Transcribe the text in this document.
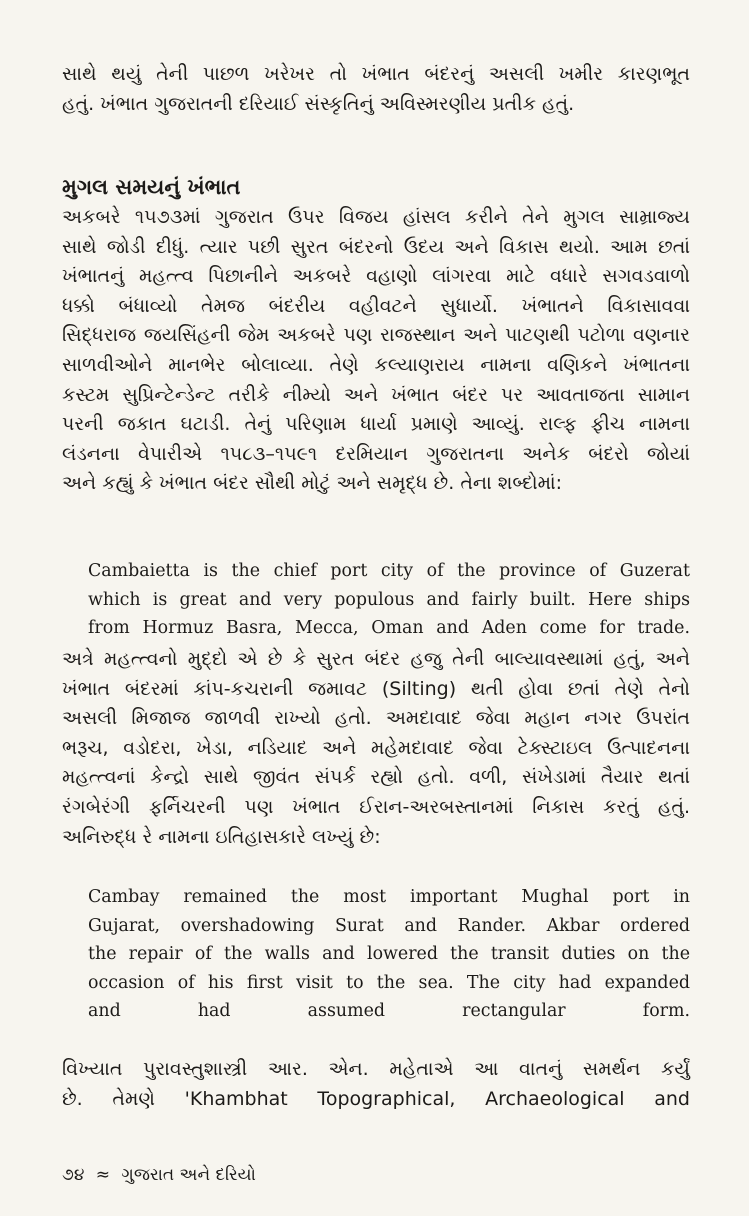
સાથે થયું તેની પાછળ ખરેખર તો ખંભાત બંદરનું અસલી ખમીર કારણભૂત
હતું. ખંભાત ગુજરાતની દરિયાઈ સંસ્કૃતિનું અવિસ્મરણીય પ્રતીક હતું.
મુગલ સમયનું ખંભાત
અકબરે ૧૫૭૩માં ગુજરાત ઉપર વિજય હાંસલ કરીને તેને મુગલ સામ્રાજ્ય
સાથે જોડી દીધું. ત્યાર પછી સુરત બંદરનો ઉદય અને વિકાસ થયો. આમ છતાં
ખંભાતનું મહત્ત્વ પિછાનીને અકબરે વહાણો લાંગરવા માટે વધારે સગવડવાળો
ધક્કો બંધાવ્યો તેમજ બંદરીય વહીવટને સુધાર્યો. ખંભાતને વિકાસાવવા
સિદ્ધરાજ જયસિંહની જેમ અકબરે પણ રાજસ્થાન અને પાટણથી પટોળા વણનાર
સાળવીઓને માનભેર બોલાવ્યા. તેણે કલ્યાણરાય નામના વણિકને ખંભાતના
કસ્ટમ સુપ્રિન્ટેન્ડેન્ટ તરીકે નીમ્યો અને ખંભાત બંદર પર આવતાજતા સામાન
પરની જકાત ઘટાડી. તેનું પરિણામ ધાર્યા પ્રમાણે આવ્યું. રાલ્ફ ફીચ નામના
લંડનના વેપારીએ ૧૫૮૩–૧૫૯૧ દરમિયાન ગુજરાતના અનેક બંદરો જોયાં
અને કહ્યું કે ખંભાત બંદર સૌથી મોટું અને સમૃદ્ધ છે. તેના શબ્દોમાં:
Cambaietta is the chief port city of the province of Guzerat
which is great and very populous and fairly built. Here ships
from Hormuz Basra, Mecca, Oman and Aden come for trade.
અત્રે મહત્ત્વનો મુદ્દો એ છે કે સુરત બંદર હજુ તેની બાલ્યાવસ્થામાં હતું, અને
ખંભાત બંદરમાં કાંપ-કચરાની જમાવટ (Silting) થતી હોવા છતાં તેણે તેનો
અસલી મિજાજ જાળવી રાખ્યો હતો. અમદાવાદ જેવા મહાન નગર ઉપરાંત
ભરૂચ, વડોદરા, ખેડા, નડિયાદ અને મહેમદાવાદ જેવા ટેક્સ્ટાઇલ ઉત્પાદનના
મહત્ત્વનાં કેન્દ્રો સાથે જીવંત સંપર્ક રહ્યો હતો. વળી, સંખેડામાં તૈયાર થતાં
રંગબેરંગી ફર્નિચરની પણ ખંભાત ઈરાન-અરબસ્તાનમાં નિકાસ કરતું હતું.
અનિરુદ્ધ રે નામના ઇતિહાસકારે લખ્યું છે:
Cambay remained the most important Mughal port in
Gujarat, overshadowing Surat and Rander. Akbar ordered
the repair of the walls and lowered the transit duties on the
occasion of his first visit to the sea. The city had expanded
and had assumed rectangular form.
વિખ્યાત પુરાવસ્તુશાસ્ત્રી આર. એન. મહેતાએ આ વાતનું સમર્થન કર્યું
છે. તેમણે 'Khambhat Topographical, Archaeological and
૭૪ ≈ ગુજરાત અને દરિયો
